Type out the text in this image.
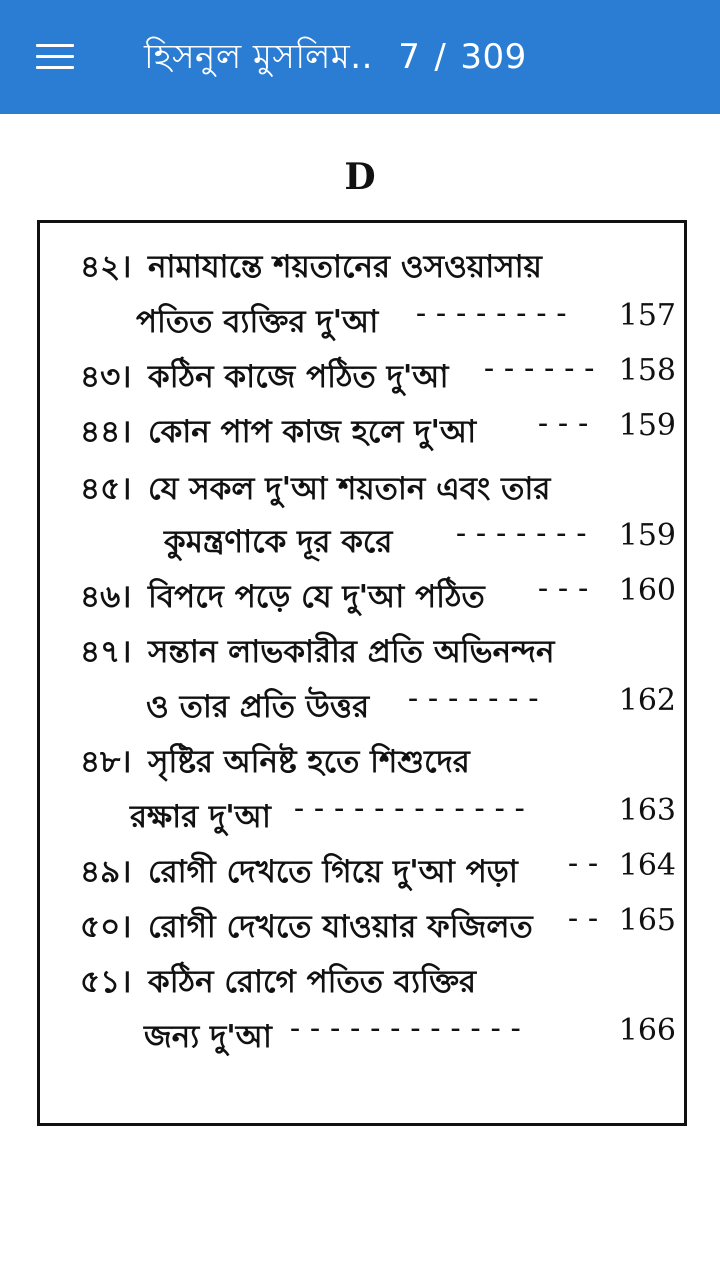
হিসনুল মুসলিম.. 7 / 309
D
৪২। নামাযান্তে শয়তানের ওসওয়াসায়
পতিত ব্যক্তির দু'আ -------- 157
৪৩। কঠিন কাজে পঠিত দু'আ ------ 158
৪৪। কোন পাপ কাজ হলে দু'আ --- 159
৪৫। যে সকল দু'আ শয়তান এবং তার
কুমন্ত্রণাকে দূর করে ------- 159
৪৬। বিপদে পড়ে যে দু'আ পঠিত --- 160
৪৭। সন্তান লাভকারীর প্রতি অভিনন্দন
ও তার প্রতি উত্তর ------- 162
৪৮। সৃষ্টির অনিষ্ট হতে শিশুদের
রক্ষার দু'আ ------------	163
৪৯। রোগী দেখতে গিয়ে দু'আ পড়া -- 164
৫০। রোগী দেখতে যাওয়ার ফজিলত -- 165
৫১। কঠিন রোগে পতিত ব্যক্তির
জন্য দু'আ ------------	166
